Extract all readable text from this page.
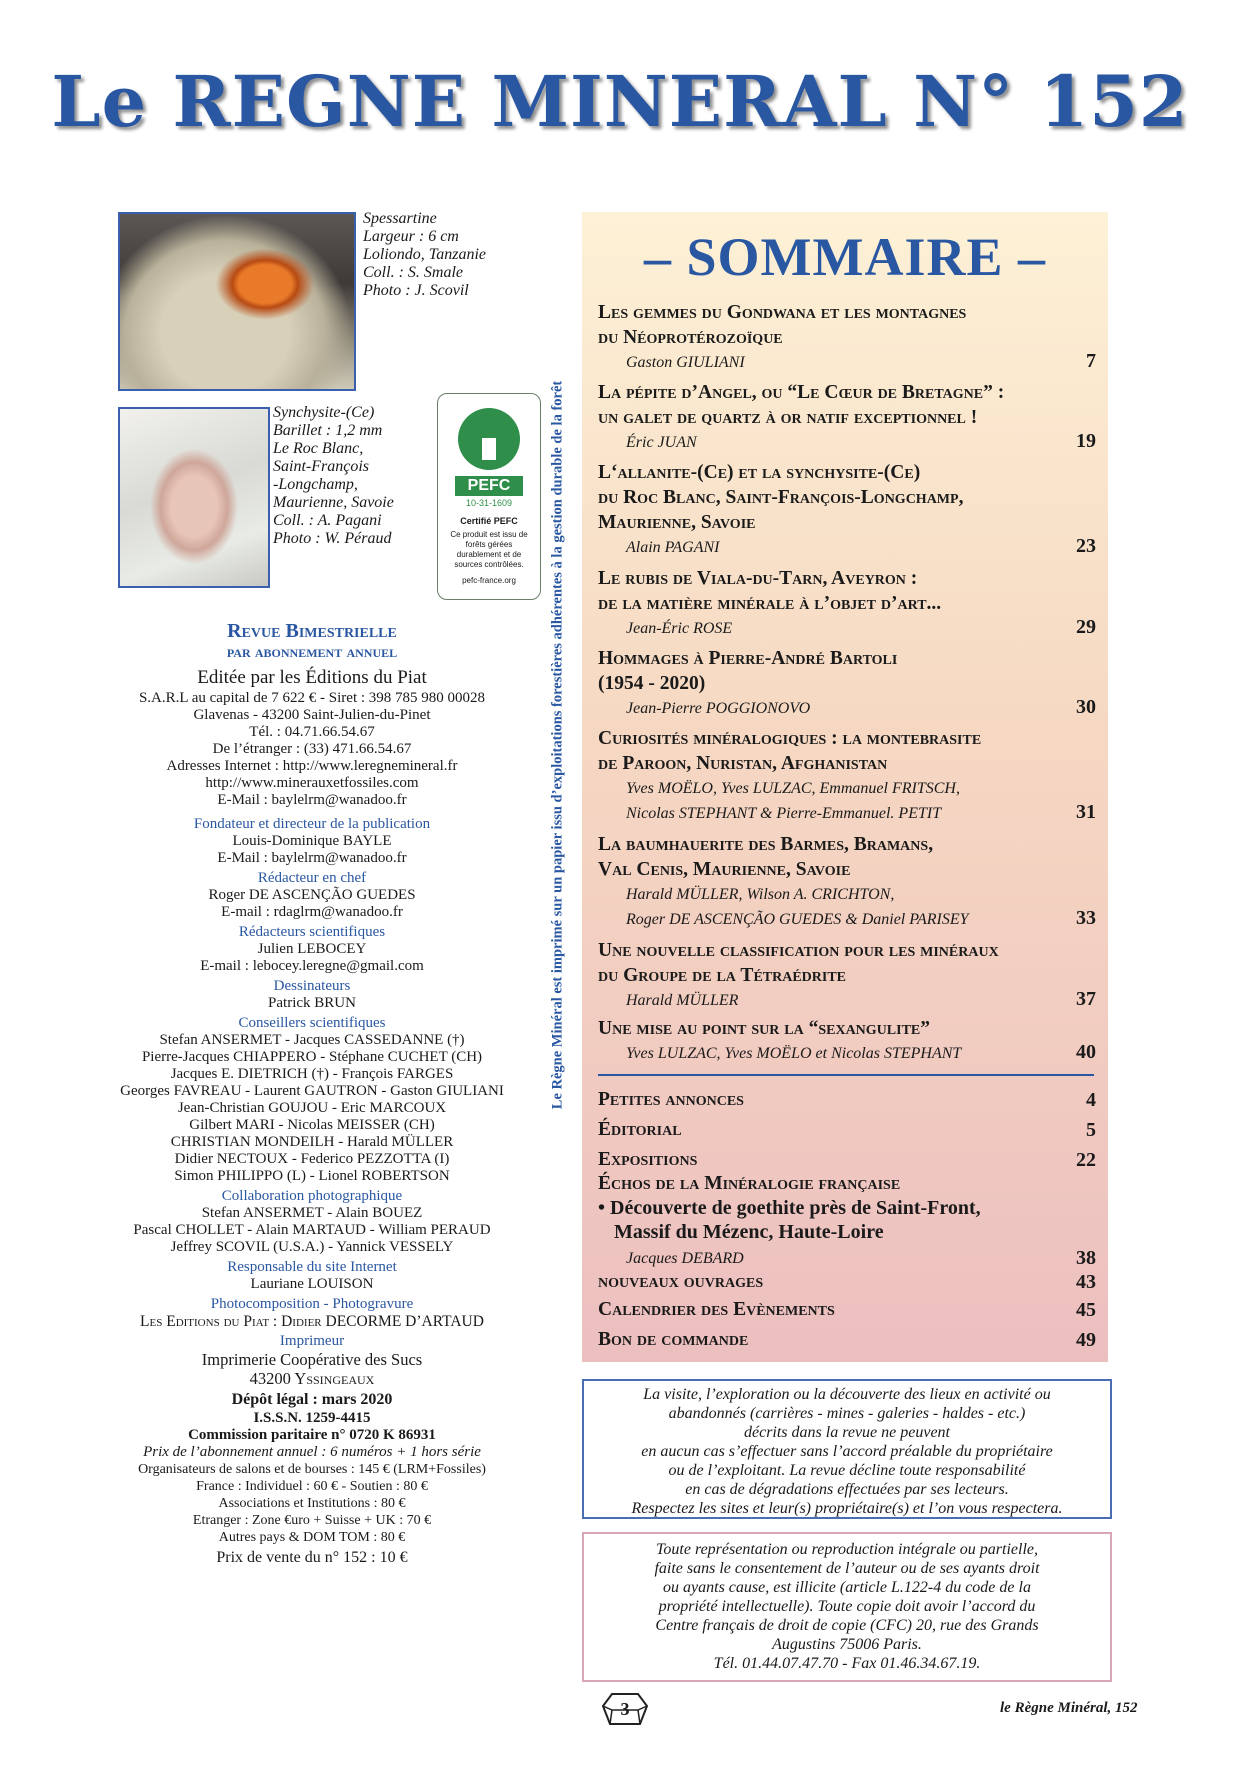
Le REGNE MINERAL N° 152
Spessartine
Largeur : 6 cm
Loliondo, Tanzanie
Coll. : S. Smale
Photo : J. Scovil
Synchysite-(Ce)
Barillet : 1,2 mm
Le Roc Blanc,
Saint-François
-Longchamp,
Maurienne, Savoie
Coll. : A. Pagani
Photo : W. Péraud
PEFC
10-31-1609
Certifié PEFC
Ce produit est issu de forêts gérées durablement et de sources contrôlées.
pefc-france.org
Revue Bimestrielle
par abonnement annuel
Editée par les Éditions du Piat
S.A.R.L au capital de 7 622 € - Siret : 398 785 980 00028
Glavenas - 43200 Saint-Julien-du-Pinet
Tél. : 04.71.66.54.67
De l’étranger : (33) 471.66.54.67
Adresses Internet : http://www.leregnemineral.fr
http://www.minerauxetfossiles.com
E-Mail : baylelrm@wanadoo.fr
Fondateur et directeur de la publication
Louis-Dominique BAYLE
E-Mail : baylelrm@wanadoo.fr
Rédacteur en chef
Roger DE ASCENÇÃO GUEDES
E-mail : rdaglrm@wanadoo.fr
Rédacteurs scientifiques
Julien LEBOCEY
E-mail : lebocey.leregne@gmail.com
Dessinateurs
Patrick BRUN
Conseillers scientifiques
Stefan ANSERMET - Jacques CASSEDANNE (†)
Pierre-Jacques CHIAPPERO - Stéphane CUCHET (CH)
Jacques E. DIETRICH (†) - François FARGES
Georges FAVREAU - Laurent GAUTRON - Gaston GIULIANI
Jean-Christian GOUJOU - Eric MARCOUX
Gilbert MARI - Nicolas MEISSER (CH)
CHRISTIAN MONDEILH - Harald MÜLLER
Didier NECTOUX - Federico PEZZOTTA (I)
Simon PHILIPPO (L) - Lionel ROBERTSON
Collaboration photographique
Stefan ANSERMET - Alain BOUEZ
Pascal CHOLLET - Alain MARTAUD - William PERAUD
Jeffrey SCOVIL (U.S.A.) - Yannick VESSELY
Responsable du site Internet
Lauriane LOUISON
Photocomposition - Photogravure
Les Editions du Piat : Didier DECORME D’ARTAUD
Imprimeur
Imprimerie Coopérative des Sucs
43200 Yssingeaux
Dépôt légal : mars 2020
I.S.S.N. 1259-4415
Commission paritaire n° 0720 K 86931
Prix de l’abonnement annuel : 6 numéros + 1 hors série
Organisateurs de salons et de bourses : 145 € (LRM+Fossiles)
France : Individuel : 60 € - Soutien : 80 €
Associations et Institutions : 80 €
Etranger : Zone €uro + Suisse + UK : 70 €
Autres pays & DOM TOM : 80 €
Prix de vente du n° 152 : 10 €
Le Règne Minéral est imprimé sur un papier issu d’exploitations forestières adhérentes à la gestion durable de la forêt
– SOMMAIRE –
Les gemmes du Gondwana et les montagnes
du Néoprotérozoïque
Gaston GIULIANI	7
La pépite d’Angel, ou “Le Cœur de Bretagne” :
un galet de quartz à or natif exceptionnel !
Éric JUAN	19
L‘allanite-(Ce) et la synchysite-(Ce)
du Roc Blanc, Saint-François-Longchamp,
Maurienne, Savoie
Alain PAGANI	23
Le rubis de Viala-du-Tarn, Aveyron :
de la matière minérale à l’objet d’art...
Jean-Éric ROSE	29
Hommages à Pierre-André Bartoli
(1954 - 2020)
Jean-Pierre POGGIONOVO	30
Curiosités minéralogiques : la montebrasite
de Paroon, Nuristan, Afghanistan
Yves MOËLO, Yves LULZAC, Emmanuel FRITSCH,
Nicolas STEPHANT & Pierre-Emmanuel. PETIT	31
La baumhauerite des Barmes, Bramans,
Val Cenis, Maurienne, Savoie
Harald MÜLLER, Wilson A. CRICHTON,
Roger DE ASCENÇÃO GUEDES & Daniel PARISEY	33
Une nouvelle classification pour les minéraux
du Groupe de la Tétraédrite
Harald MÜLLER	37
Une mise au point sur la “sexangulite”
Yves LULZAC, Yves MOËLO et Nicolas STEPHANT	40
Petites annonces	4
Éditorial	5
Expositions	22
Échos de la Minéralogie française
• Découverte de goethite près de Saint-Front,
Massif du Mézenc, Haute-Loire
Jacques DEBARD	38
nouveaux ouvrages	43
Calendrier des Evènements	45
Bon de commande	49
La visite, l’exploration ou la découverte des lieux en activité ou
abandonnés (carrières - mines - galeries - haldes - etc.)
décrits dans la revue ne peuvent
en aucun cas s’effectuer sans l’accord préalable du propriétaire
ou de l’exploitant. La revue décline toute responsabilité
en cas de dégradations effectuées par ses lecteurs.
Respectez les sites et leur(s) propriétaire(s) et l’on vous respectera.
Toute représentation ou reproduction intégrale ou partielle,
faite sans le consentement de l’auteur ou de ses ayants droit
ou ayants cause, est illicite (article L.122-4 du code de la
propriété intellectuelle). Toute copie doit avoir l’accord du
Centre français de droit de copie (CFC) 20, rue des Grands
Augustins 75006 Paris.
Tél. 01.44.07.47.70 - Fax 01.46.34.67.19.
3	le Règne Minéral, 152
